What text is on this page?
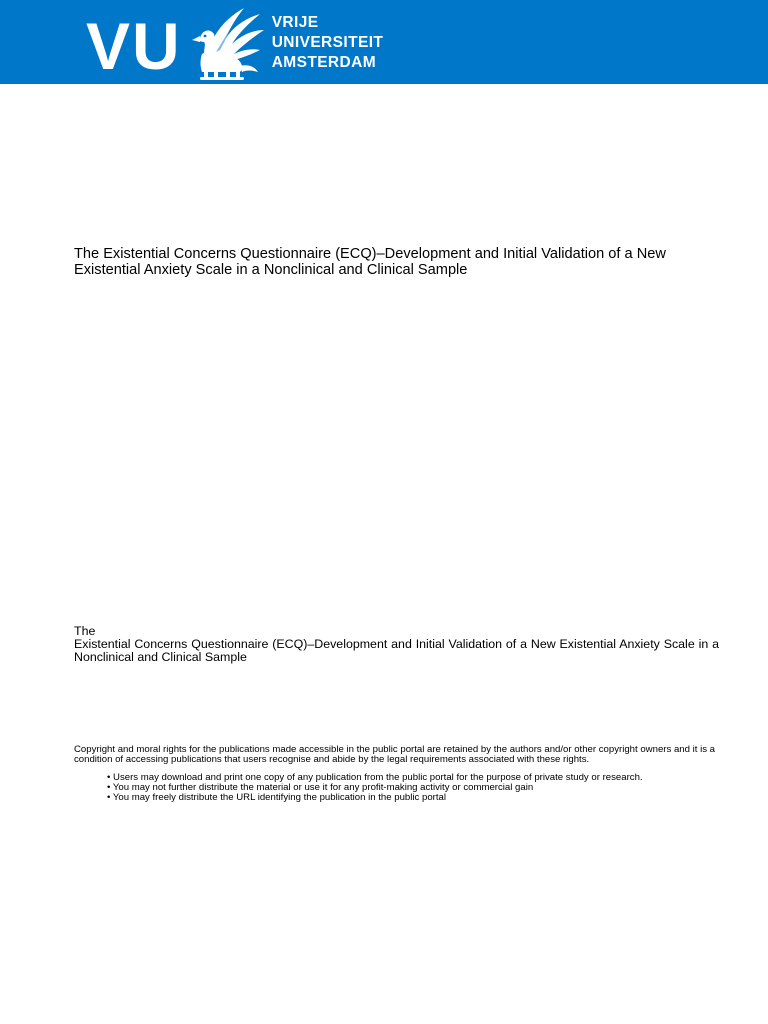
VU	VRIJE
UNIVERSITEIT
AMSTERDAM
The Existential Concerns Questionnaire (ECQ)–Development and Initial Validation of a New Existential Anxiety Scale in a Nonclinical and Clinical Sample
The
Existential Concerns Questionnaire (ECQ)–Development and Initial Validation of a New Existential Anxiety Scale in a Nonclinical and Clinical Sample

Copyright and moral rights for the publications made accessible in the public portal are retained by the authors and/or other copyright owners and it is a condition of accessing publications that users recognise and abide by the legal requirements associated with these rights.

• Users may download and print one copy of any publication from the public portal for the purpose of private study or research.
• You may not further distribute the material or use it for any profit-making activity or commercial gain
• You may freely distribute the URL identifying the publication in the public portal
